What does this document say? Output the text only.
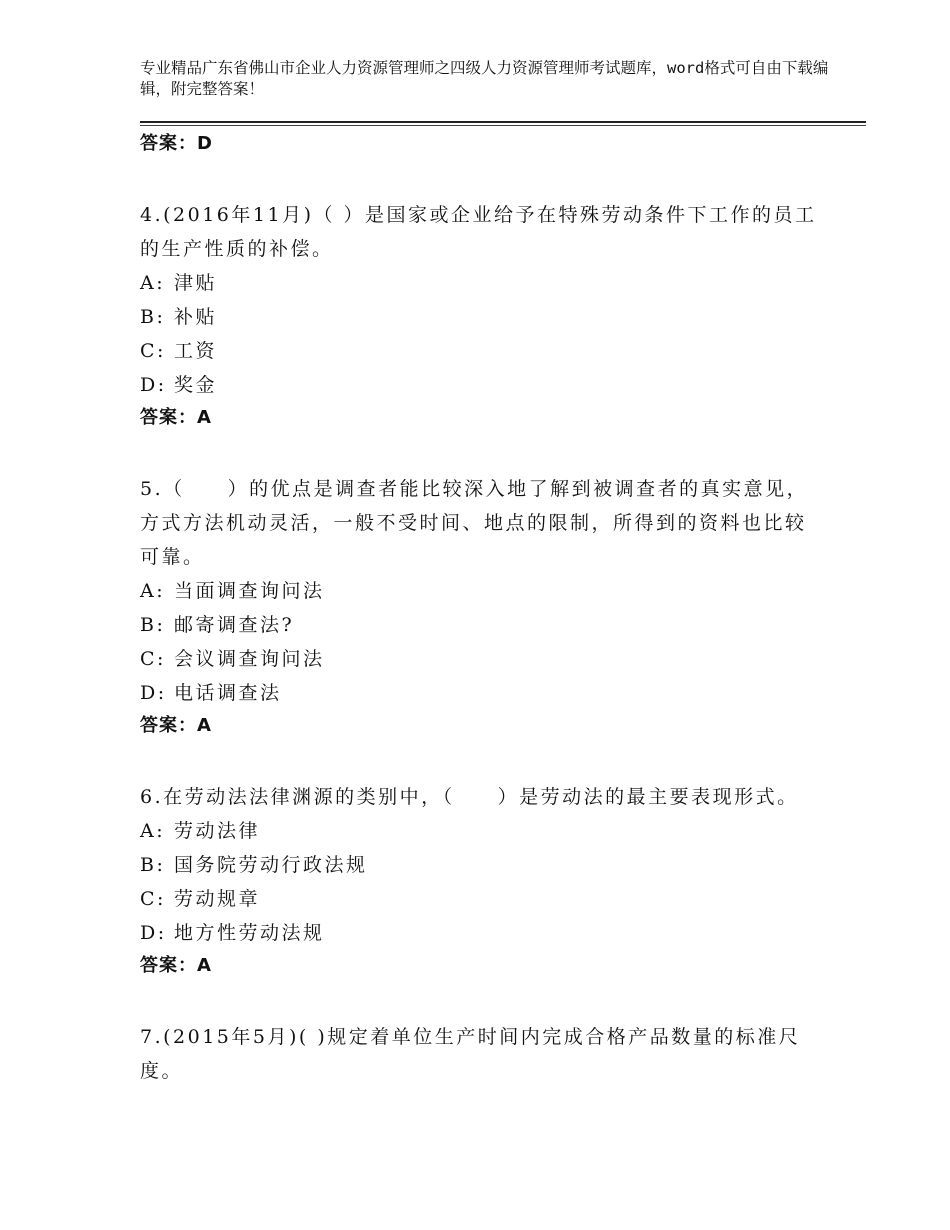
专业精品广东省佛山市企业人力资源管理师之四级人力资源管理师考试题库，word格式可自由下载编辑，附完整答案！
答案：D
4.(2016年11月)（ ）是国家或企业给予在特殊劳动条件下工作的员工的生产性质的补偿。
A: 津贴
B: 补贴
C: 工资
D: 奖金
答案：A
5.（　　）的优点是调查者能比较深入地了解到被调查者的真实意见，方式方法机动灵活，一般不受时间、地点的限制，所得到的资料也比较可靠。
A: 当面调查询问法
B: 邮寄调查法?
C: 会议调查询问法
D: 电话调查法
答案：A
6.在劳动法法律渊源的类别中，（　　）是劳动法的最主要表现形式。
A: 劳动法律
B: 国务院劳动行政法规
C: 劳动规章
D: 地方性劳动法规
答案：A
7.(2015年5月)( )规定着单位生产时间内完成合格产品数量的标准尺度。
